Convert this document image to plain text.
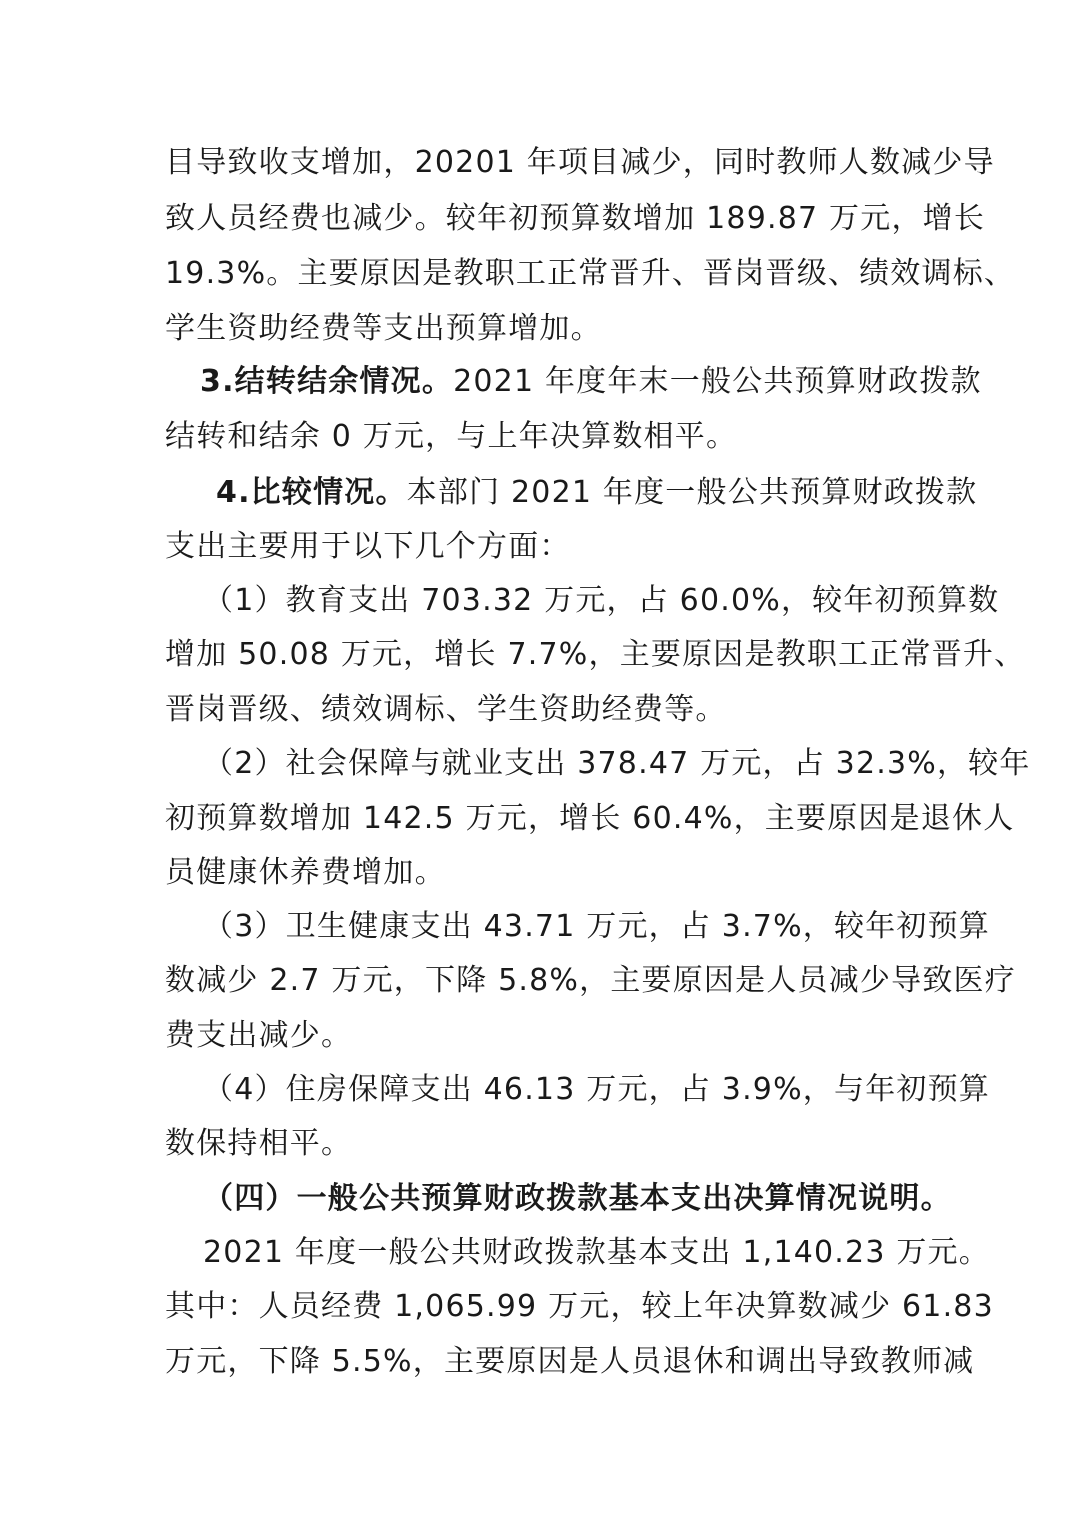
目导致收支增加，20201 年项目减少，同时教师人数减少导
致人员经费也减少。较年初预算数增加 189.87 万元，增长
19.3%。主要原因是教职工正常晋升、晋岗晋级、绩效调标、
学生资助经费等支出预算增加。
3.结转结余情况。2021 年度年末一般公共预算财政拨款
结转和结余 0 万元，与上年决算数相平。
4.比较情况。本部门 2021 年度一般公共预算财政拨款
支出主要用于以下几个方面：
（1）教育支出 703.32 万元，占 60.0%，较年初预算数
增加 50.08 万元，增长 7.7%，主要原因是教职工正常晋升、
晋岗晋级、绩效调标、学生资助经费等。
（2）社会保障与就业支出 378.47 万元，占 32.3%，较年
初预算数增加 142.5 万元，增长 60.4%，主要原因是退休人
员健康休养费增加。
（3）卫生健康支出 43.71 万元，占 3.7%，较年初预算
数减少 2.7 万元，下降 5.8%，主要原因是人员减少导致医疗
费支出减少。
（4）住房保障支出 46.13 万元，占 3.9%，与年初预算
数保持相平。
（四）一般公共预算财政拨款基本支出决算情况说明。
2021 年度一般公共财政拨款基本支出 1,140.23 万元。
其中：人员经费 1,065.99 万元，较上年决算数减少 61.83
万元，下降 5.5%，主要原因是人员退休和调出导致教师减
